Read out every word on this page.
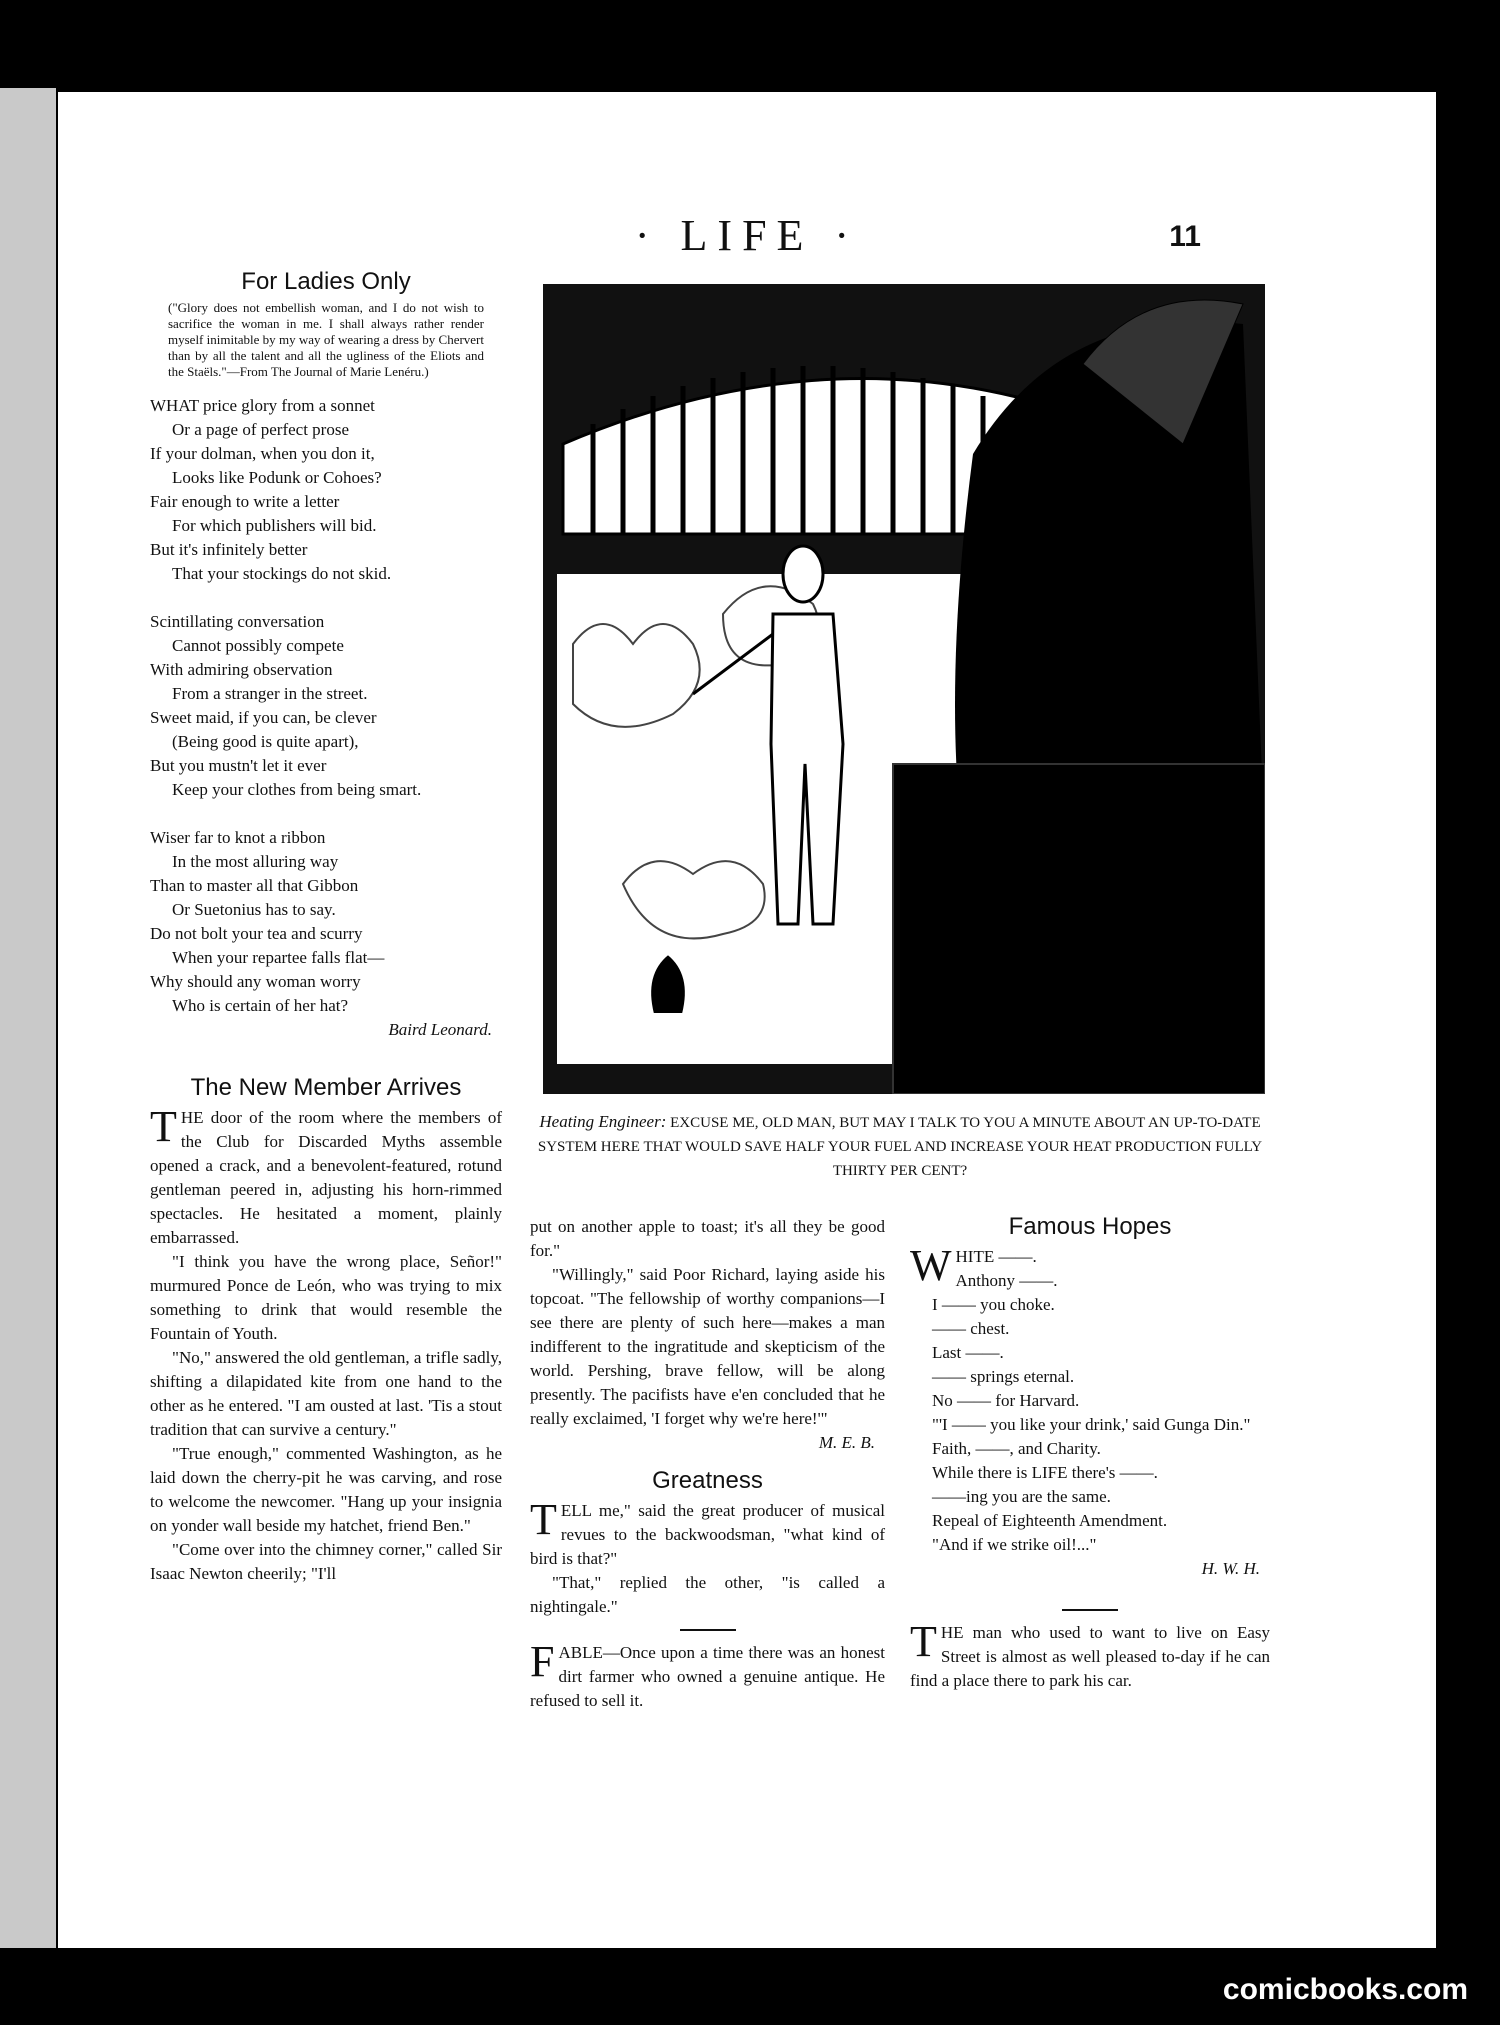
· LIFE ·	11
For Ladies Only
("Glory does not embellish woman, and I do not wish to sacrifice the woman in me. I shall always rather render myself inimitable by my way of wearing a dress by Chervert than by all the talent and all the ugliness of the Eliots and the Staëls."—From The Journal of Marie Lenéru.)
WHAT price glory from a sonnet
Or a page of perfect prose
If your dolman, when you don it,
Looks like Podunk or Cohoes?
Fair enough to write a letter
For which publishers will bid.
But it's infinitely better
That your stockings do not skid.
Scintillating conversation
Cannot possibly compete
With admiring observation
From a stranger in the street.
Sweet maid, if you can, be clever
(Being good is quite apart),
But you mustn't let it ever
Keep your clothes from being smart.
Wiser far to knot a ribbon
In the most alluring way
Than to master all that Gibbon
Or Suetonius has to say.
Do not bolt your tea and scurry
When your repartee falls flat—
Why should any woman worry
Who is certain of her hat?
Baird Leonard.
The New Member Arrives
T HE door of the room where the members of the Club for Discarded Myths assemble opened a crack, and a benevolent-featured, rotund gentleman peered in, adjusting his horn-rimmed spectacles. He hesitated a moment, plainly embarrassed.

"I think you have the wrong place, Señor!" murmured Ponce de León, who was trying to mix something to drink that would resemble the Fountain of Youth.

"No," answered the old gentleman, a trifle sadly, shifting a dilapidated kite from one hand to the other as he entered. "I am ousted at last. 'Tis a stout tradition that can survive a century."

"True enough," commented Washington, as he laid down the cherry-pit he was carving, and rose to welcome the newcomer. "Hang up your insignia on yonder wall beside my hatchet, friend Ben."

"Come over into the chimney corner," called Sir Isaac Newton cheerily; "I'll

Heating Engineer: EXCUSE ME, OLD MAN, BUT MAY I TALK TO YOU A MINUTE ABOUT AN UP-TO-DATE SYSTEM HERE THAT WOULD SAVE HALF YOUR FUEL AND INCREASE YOUR HEAT PRODUCTION FULLY THIRTY PER CENT?

put on another apple to toast; it's all they be good for."

"Willingly," said Poor Richard, laying aside his topcoat. "The fellowship of worthy companions—I see there are plenty of such here—makes a man indifferent to the ingratitude and skepticism of the world. Pershing, brave fellow, will be along presently. The pacifists have e'en concluded that he really exclaimed, 'I forget why we're here!'"

M. E. B.
Greatness
T ELL me," said the great producer of musical revues to the backwoodsman, "what kind of bird is that?"

"That," replied the other, "is called a nightingale."

F ABLE—Once upon a time there was an honest dirt farmer who owned a genuine antique. He refused to sell it.

Famous Hopes
W HITE ——.
Anthony ——.
I —— you choke.
—— chest.
Last ——.
—— springs eternal.
No —— for Harvard.
"'I —— you like your drink,' said Gunga Din."
Faith, ——, and Charity.
While there is LIFE there's ——.
——ing you are the same.
Repeal of Eighteenth Amendment.
"And if we strike oil!..."
H. W. H.
T HE man who used to want to live on Easy Street is almost as well pleased to-day if he can find a place there to park his car.

comicbooks.com
